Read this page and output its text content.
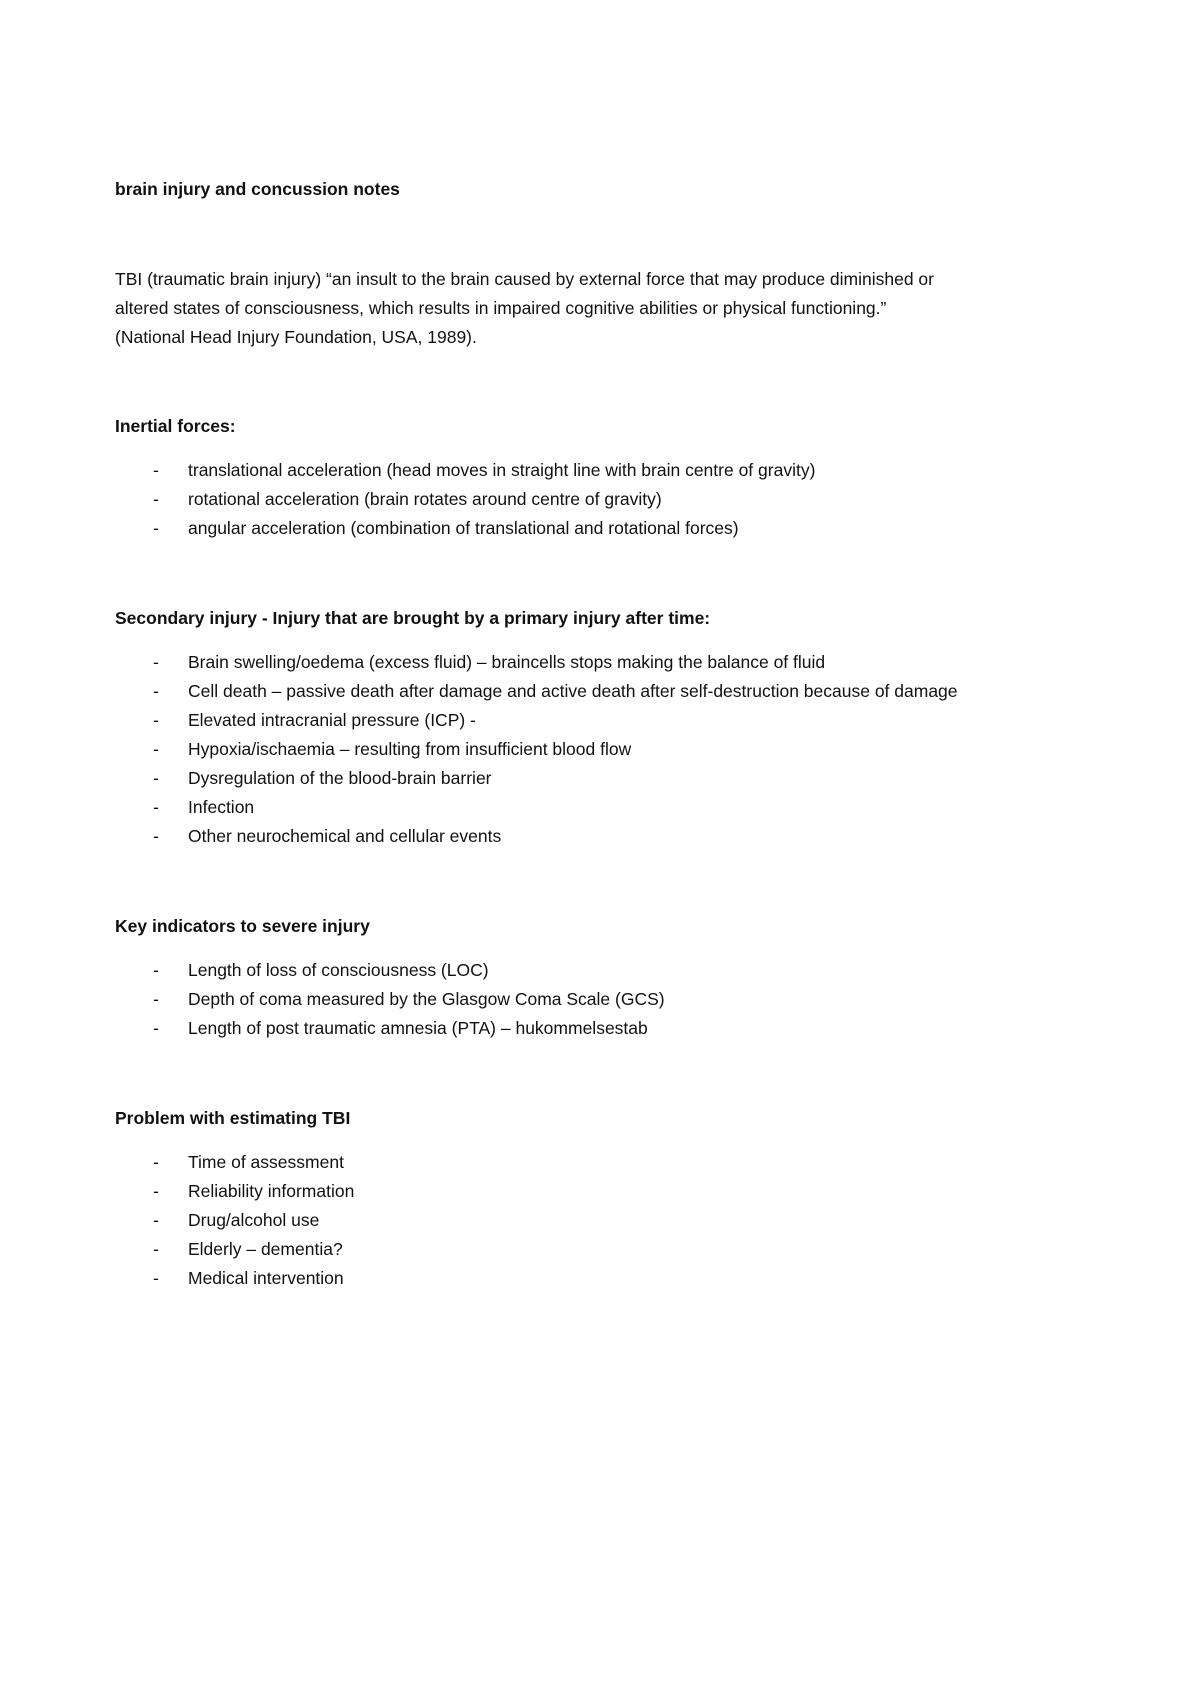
brain injury and concussion notes

TBI (traumatic brain injury) “an insult to the brain caused by external force that may produce diminished or

altered states of consciousness, which results in impaired cognitive abilities or physical functioning.”

(National Head Injury Foundation, USA, 1989).

Inertial forces:

- translational acceleration (head moves in straight line with brain centre of gravity)
- rotational acceleration (brain rotates around centre of gravity)
- angular acceleration (combination of translational and rotational forces)

Secondary injury - Injury that are brought by a primary injury after time:

- Brain swelling/oedema (excess fluid) – braincells stops making the balance of fluid
- Cell death – passive death after damage and active death after self-destruction because of damage
- Elevated intracranial pressure (ICP) -
- Hypoxia/ischaemia – resulting from insufficient blood flow
- Dysregulation of the blood-brain barrier
- Infection
- Other neurochemical and cellular events

Key indicators to severe injury

- Length of loss of consciousness (LOC)
- Depth of coma measured by the Glasgow Coma Scale (GCS)
- Length of post traumatic amnesia (PTA) – hukommelsestab

Problem with estimating TBI

- Time of assessment
- Reliability information
- Drug/alcohol use
- Elderly – dementia?
- Medical intervention
